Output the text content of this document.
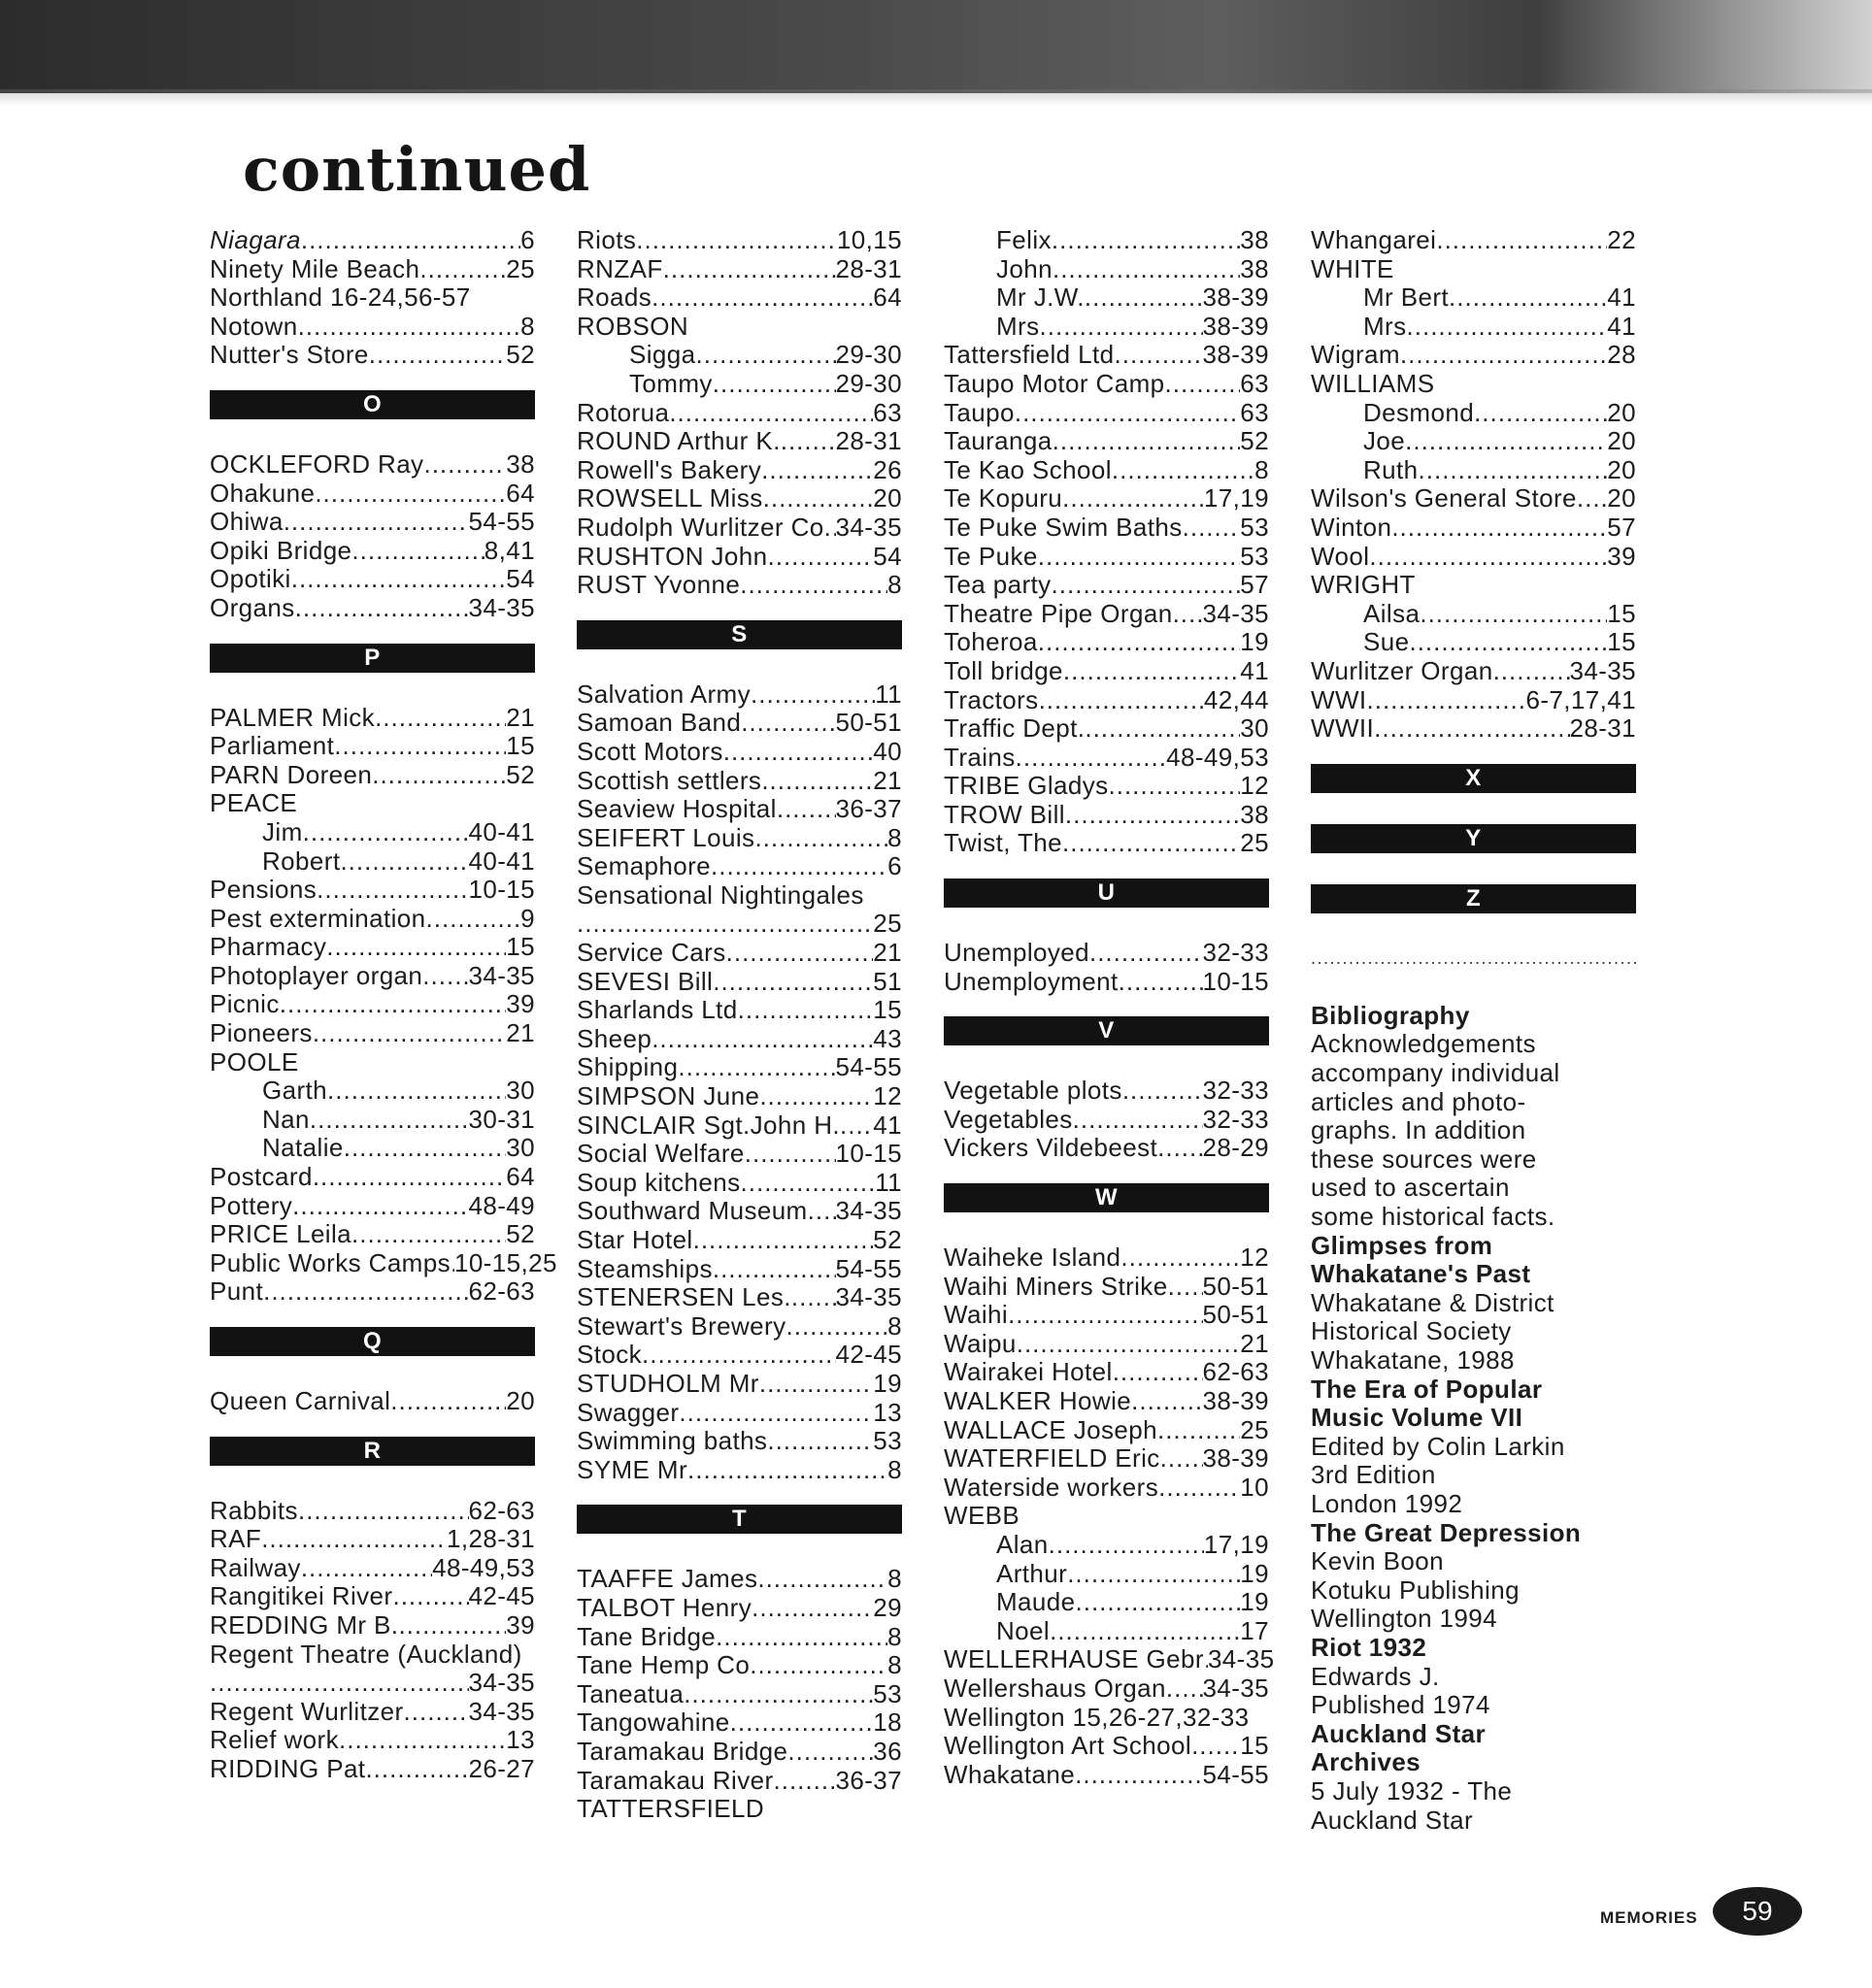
continued
Niagara .....	6
Ninety Mile Beach .....	25
Northland 16-24,56-57
Notown .....	8
Nutter's Store .....	52
O
OCKLEFORD Ray .....	38
Ohakune .....	64
Ohiwa .....	54-55
Opiki Bridge .....	8,41
Opotiki .....	54
Organs .....	34-35
P
PALMER Mick .....	21
Parliament .....	15
PARN Doreen .....	52
PEACE
Jim .....	40-41
Robert .....	40-41
Pensions .....	10-15
Pest extermination .....	9
Pharmacy .....	15
Photoplayer organ ..... 34-35
Picnic .....	39
Pioneers .....	21
POOLE
Garth .....	30
Nan .....	30-31
Natalie .....	30
Postcard .....	64
Pottery .....	48-49
PRICE Leila .....	52
Public Works Camps ..... 10-15,25
Punt .....	62-63
Q
Queen Carnival .....	20
R
Rabbits .....	62-63
RAF .....	1,28-31
Railway .....	48-49,53
Rangitikei River .....	42-45
REDDING Mr B. .....	39
Regent Theatre (Auckland)
.....
34-35
Regent Wurlitzer .....	34-35
Relief work .....	13
RIDDING Pat .....	26-27
Riots .....	10,15
RNZAF .....	28-31
Roads .....	64
ROBSON
Sigga .....	29-30
Tommy .....	29-30
Rotorua .....	63
ROUND Arthur K. ..... 28-31
Rowell's Bakery .....	26
ROWSELL Miss .....	20
Rudolph Wurlitzer Co ..... 34-35
RUSHTON John .....	54
RUST Yvonne .....	8
S
Salvation Army .....	11
Samoan Band .....	50-51
Scott Motors .....	40
Scottish settlers .....	21
Seaview Hospital ..... 36-37
SEIFERT Louis .....	8
Semaphore .....	6
Sensational Nightingales
.....
25
Service Cars .....	21
SEVESI Bill .....	51
Sharlands Ltd .....	15
Sheep .....	43
Shipping .....	54-55
SIMPSON June .....	12
SINCLAIR Sgt.John H. ..... 41
Social Welfare .....	10-15
Soup kitchens .....	11
Southward Museum ..... 34-35
Star Hotel .....	52
Steamships .....	54-55
STENERSEN Les. ..... 34-35
Stewart's Brewery .....	8
Stock .....	42-45
STUDHOLM Mr .....	19
Swagger .....	13
Swimming baths .....	53
SYME Mr .....	8
T
TAAFFE James .....	8
TALBOT Henry .....	29
Tane Bridge .....	8
Tane Hemp Co .....	8
Taneatua .....	53
Tangowahine .....	18
Taramakau Bridge .....	36
Taramakau River ..... 36-37
TATTERSFIELD
Felix .....	38
John .....	38
Mr J.W. .....	38-39
Mrs .....	38-39
Tattersfield Ltd .....	38-39
Taupo Motor Camp .....	63
Taupo .....	63
Tauranga .....	52
Te Kao School .....	8
Te Kopuru .....	17,19
Te Puke Swim Baths ..... 53
Te Puke .....	53
Tea party .....	57
Theatre Pipe Organ ..... 34-35
Toheroa .....	19
Toll bridge .....	41
Tractors .....	42,44
Traffic Dept. .....	30
Trains .....	48-49,53
TRIBE Gladys .....	12
TROW Bill .....	38
Twist, The .....	25
U
Unemployed .....	32-33
Unemployment .....	10-15
V
Vegetable plots .....	32-33
Vegetables .....	32-33
Vickers Vildebeest ..... 28-29
W
Waiheke Island .....	12
Waihi Miners Strike ..... 50-51
Waihi .....	50-51
Waipu .....	21
Wairakei Hotel .....	62-63
WALKER Howie .....	38-39
WALLACE Joseph .....	25
WATERFIELD Eric ..... 38-39
Waterside workers .....	10
WEBB
Alan .....	17,19
Arthur .....	19
Maude .....	19
Noel .....	17
WELLERHAUSE Gebr ..... 34-35
Wellershaus Organ ..... 34-35
Wellington 15,26-27,32-33
Wellington Art School ..... 15
Whakatane .....	54-55
Whangarei .....	22
WHITE
Mr Bert .....	41
Mrs .....	41
Wigram .....	28
WILLIAMS
Desmond .....	20
Joe .....	20
Ruth .....	20
Wilson's General Store ..... 20
Winton .....	57
Wool .....	39
WRIGHT
Ailsa .....	15
Sue .....	15
Wurlitzer Organ .....	34-35
WWI .....	6-7,17,41
WWII .....	28-31
X
Y
Z
.....
Bibliography
Acknowledgements
accompany individual
articles and photo-
graphs. In addition
these sources were
used to ascertain
some historical facts.
Glimpses from
Whakatane's Past
Whakatane & District
Historical Society
Whakatane, 1988
The Era of Popular
Music Volume VII
Edited by Colin Larkin
3rd Edition
London 1992
The Great Depression
Kevin Boon
Kotuku Publishing
Wellington 1994
Riot 1932
Edwards J.
Published 1974
Auckland Star
Archives
5 July 1932 - The
Auckland Star
MEMORIES	59
